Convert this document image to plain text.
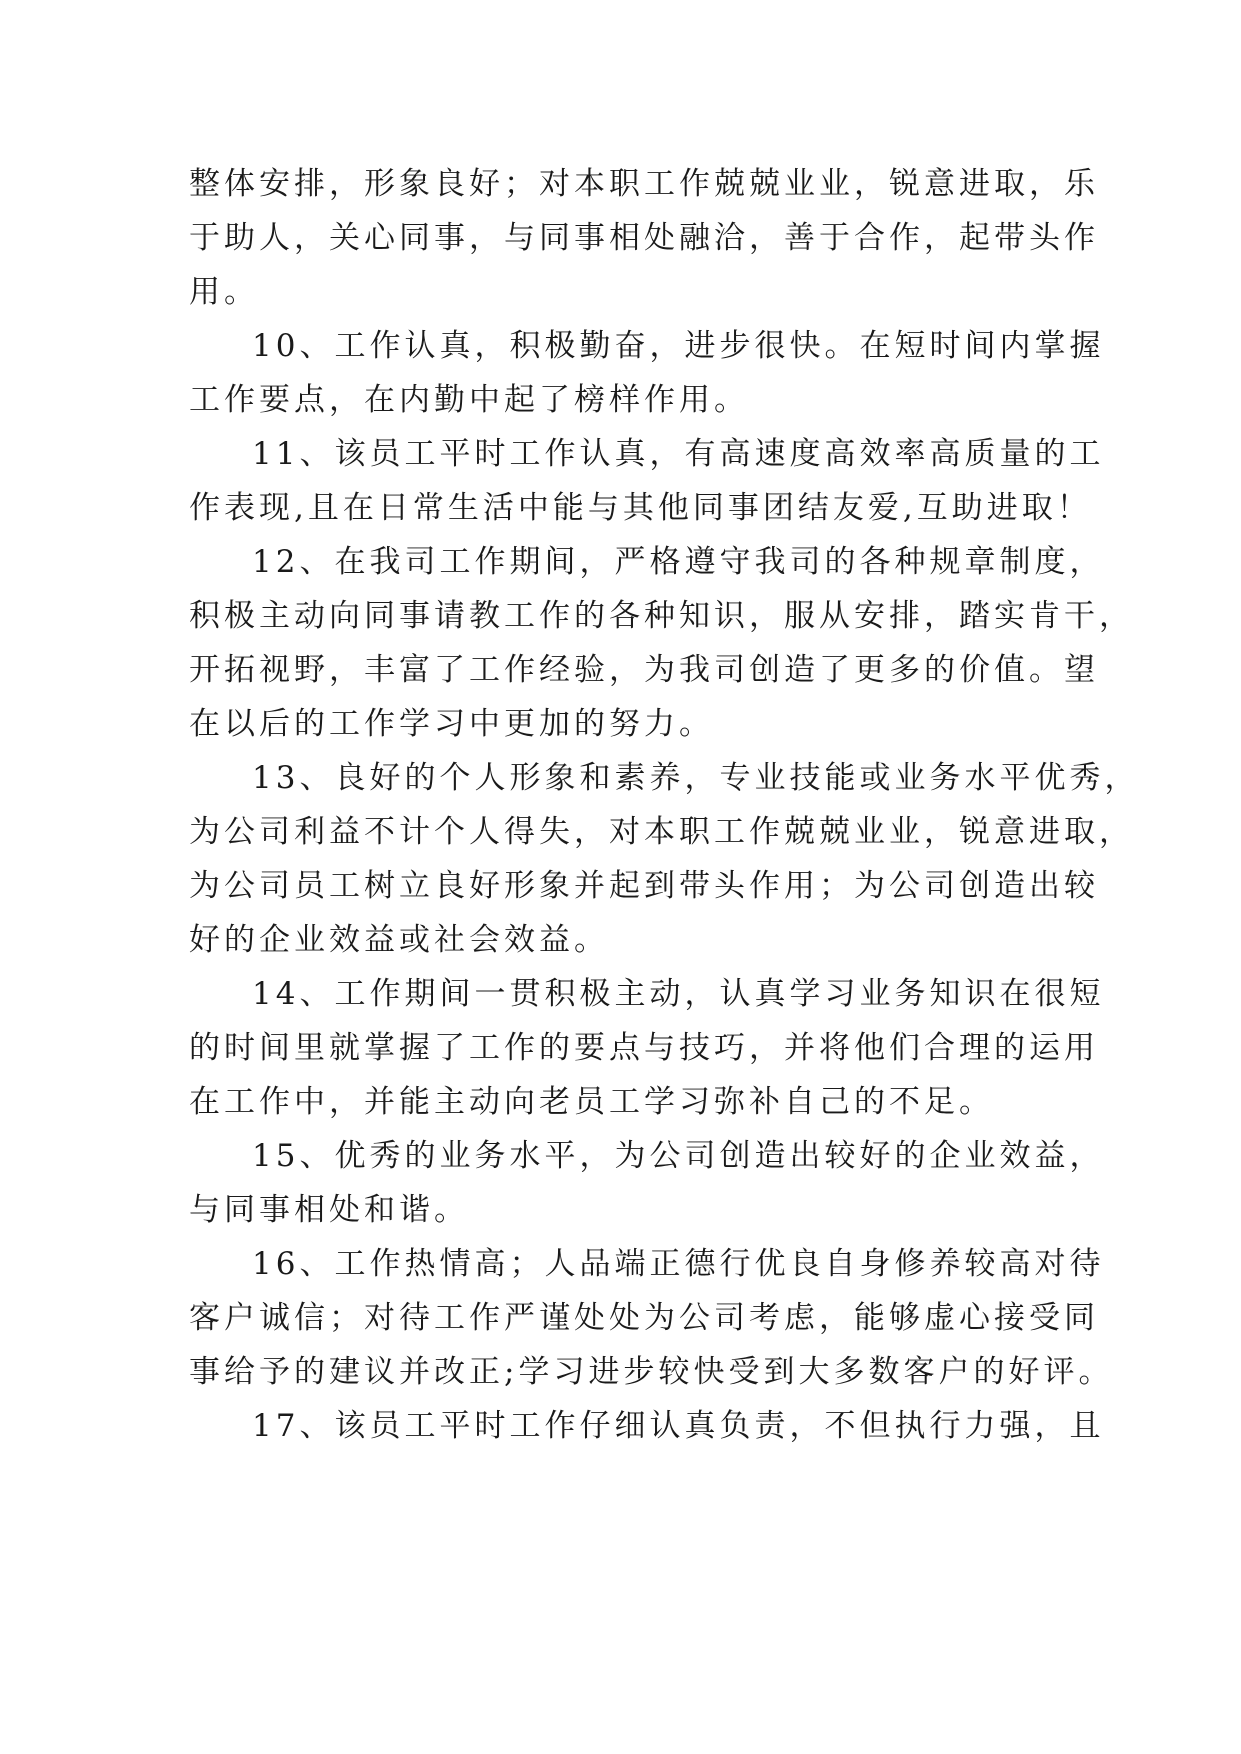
整体安排，形象良好；对本职工作兢兢业业，锐意进取，乐
于助人，关心同事，与同事相处融洽，善于合作，起带头作
用。
10、工作认真，积极勤奋，进步很快。在短时间内掌握
工作要点，在内勤中起了榜样作用。
11、该员工平时工作认真，有高速度高效率高质量的工
作表现,且在日常生活中能与其他同事团结友爱,互助进取！
12、在我司工作期间，严格遵守我司的各种规章制度，
积极主动向同事请教工作的各种知识，服从安排，踏实肯干，
开拓视野，丰富了工作经验，为我司创造了更多的价值。望
在以后的工作学习中更加的努力。
13、良好的个人形象和素养，专业技能或业务水平优秀，
为公司利益不计个人得失，对本职工作兢兢业业，锐意进取，
为公司员工树立良好形象并起到带头作用；为公司创造出较
好的企业效益或社会效益。
14、工作期间一贯积极主动，认真学习业务知识在很短
的时间里就掌握了工作的要点与技巧，并将他们合理的运用
在工作中，并能主动向老员工学习弥补自己的不足。
15、优秀的业务水平，为公司创造出较好的企业效益，
与同事相处和谐。
16、工作热情高；人品端正德行优良自身修养较高对待
客户诚信；对待工作严谨处处为公司考虑，能够虚心接受同
事给予的建议并改正;学习进步较快受到大多数客户的好评。
17、该员工平时工作仔细认真负责，不但执行力强，且
